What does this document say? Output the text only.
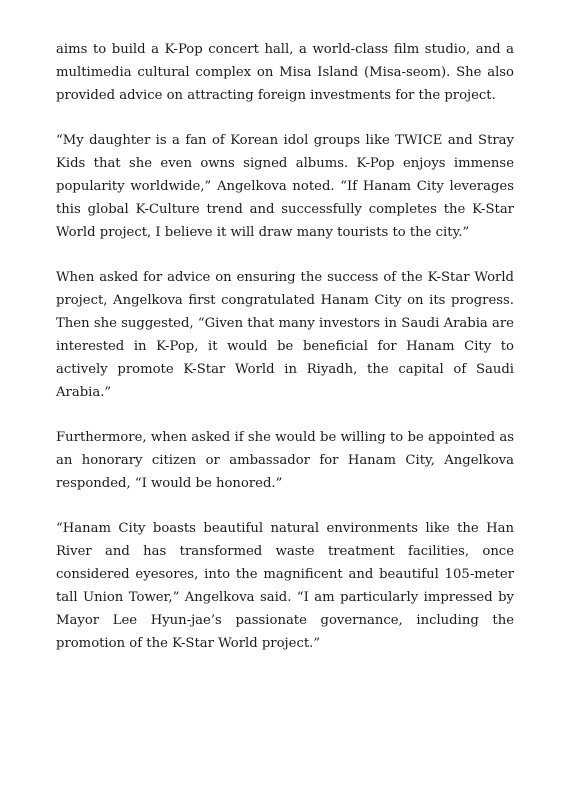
aims to build a K-Pop concert hall, a world-class film studio, and a multimedia cultural complex on Misa Island (Misa-seom). She also provided advice on attracting foreign investments for the project.

“My daughter is a fan of Korean idol groups like TWICE and Stray Kids that she even owns signed albums. K-Pop enjoys immense popularity worldwide,” Angelkova noted. “If Hanam City leverages this global K-Culture trend and successfully completes the K-Star World project, I believe it will draw many tourists to the city.”

When asked for advice on ensuring the success of the K-Star World project, Angelkova first congratulated Hanam City on its progress. Then she suggested, “Given that many investors in Saudi Arabia are interested in K-Pop, it would be beneficial for Hanam City to actively promote K-Star World in Riyadh, the capital of Saudi Arabia.”

Furthermore, when asked if she would be willing to be appointed as an honorary citizen or ambassador for Hanam City, Angelkova responded, “I would be honored.”

“Hanam City boasts beautiful natural environments like the Han River and has transformed waste treatment facilities, once considered eyesores, into the magnificent and beautiful 105-meter tall Union Tower,” Angelkova said. “I am particularly impressed by Mayor Lee Hyun-jae’s passionate governance, including the promotion of the K-Star World project.”
